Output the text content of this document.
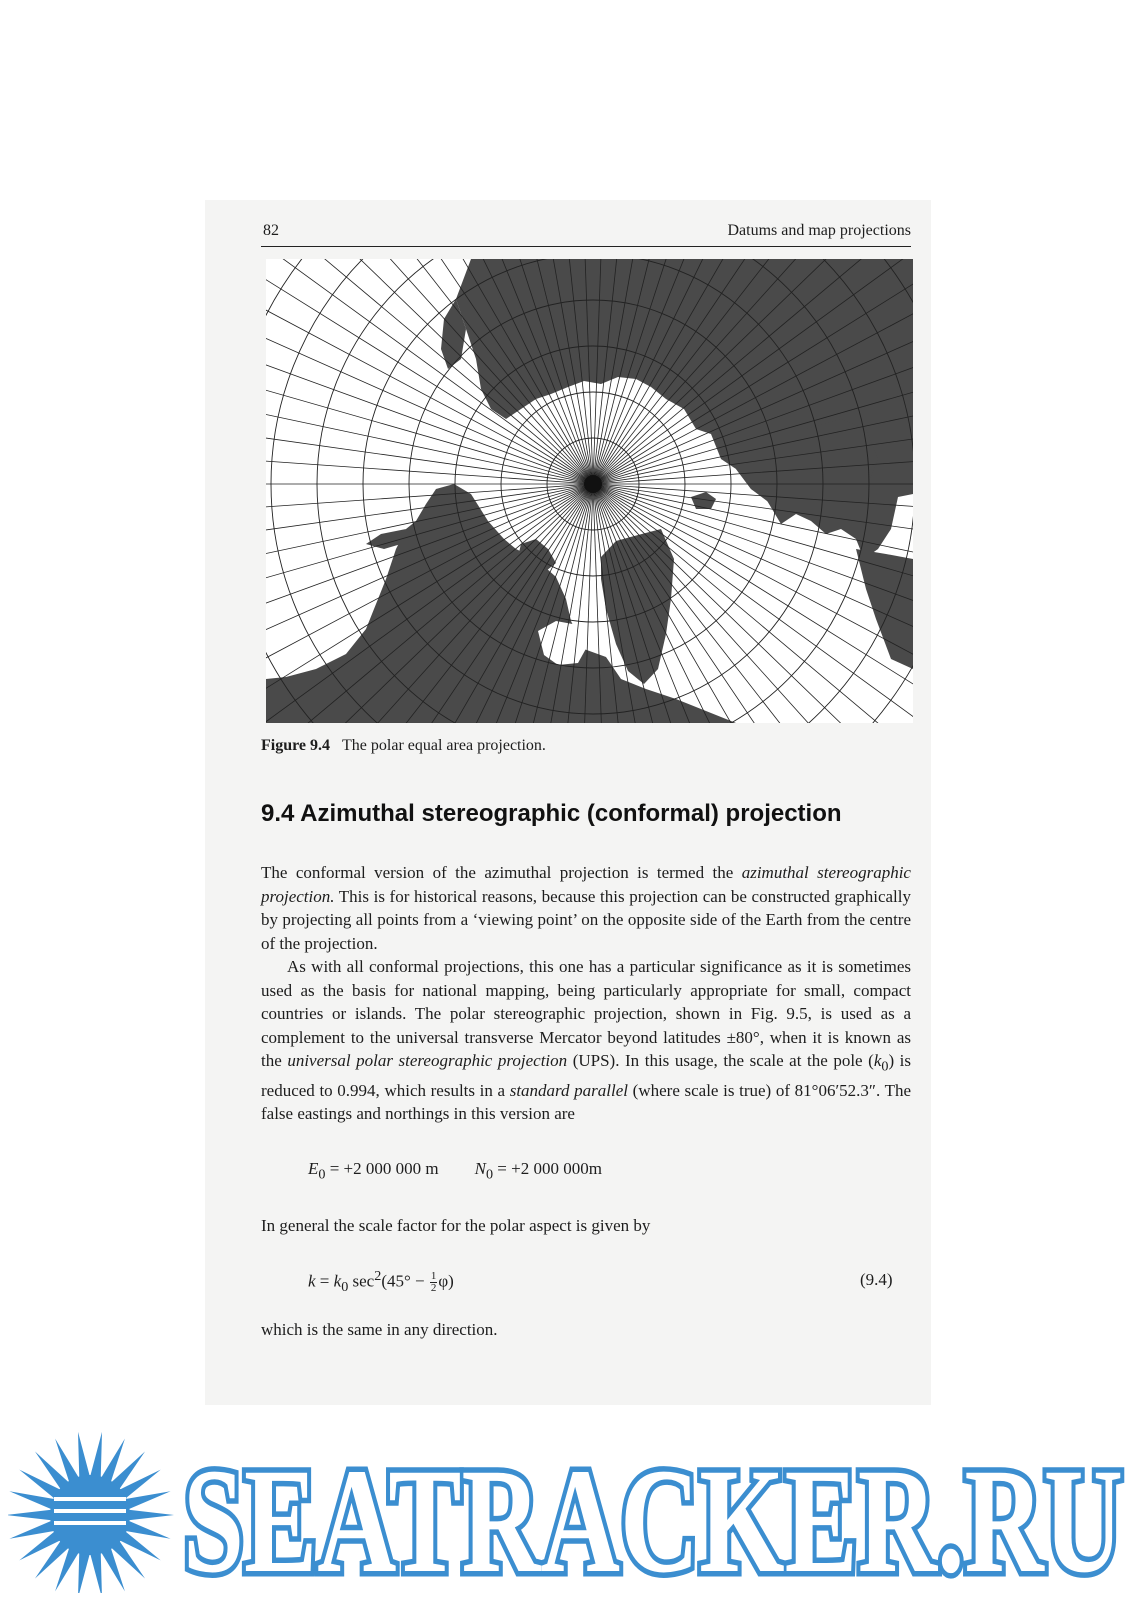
82	Datums and map projections
Figure 9.4 The polar equal area projection.
9.4 Azimuthal stereographic (conformal) projection

The conformal version of the azimuthal projection is termed the azimuthal stereographic projection. This is for historical reasons, because this projection can be constructed graphically by projecting all points from a ‘viewing point’ on the opposite side of the Earth from the centre of the projection.

As with all conformal projections, this one has a particular significance as it is sometimes used as the basis for national mapping, being particularly appropriate for small, compact countries or islands. The polar stereographic projection, shown in Fig. 9.5, is used as a complement to the universal transverse Mercator beyond latitudes ±80°, when it is known as the universal polar stereographic projection (UPS). In this usage, the scale at the pole $(k_0)$ is reduced to 0.994, which results in a standard parallel (where scale is true) of 81°06′52.3″. The false eastings and northings in this version are

$E_0 = +2$ 000 000 m $N_0 = +2$ 000 000m

In general the scale factor for the polar aspect is given by

$k = k_0$ $\sec^2(45^\circ - \frac{1}{2} \varphi)$	(9.4)

which is the same in any direction.

SEATRACKER.RU
